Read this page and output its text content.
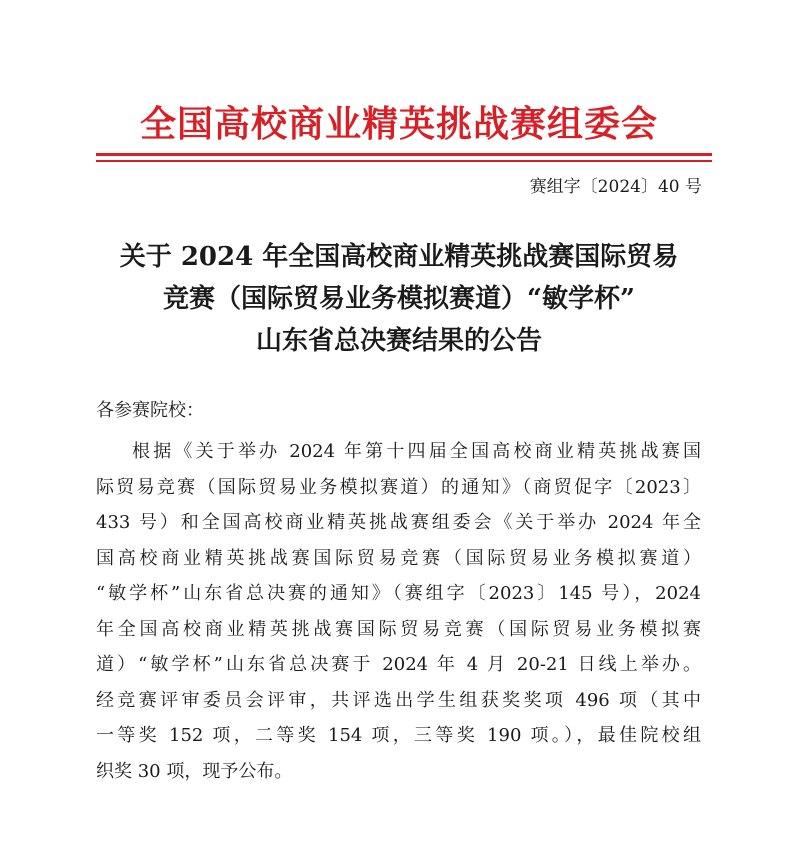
全国高校商业精英挑战赛组委会
赛组字〔2024〕40 号
关于 2024 年全国高校商业精英挑战赛国际贸易
竞赛（国际贸易业务模拟赛道）“敏学杯”
山东省总决赛结果的公告
各参赛院校：
根据《关于举办 2024 年第十四届全国高校商业精英挑战赛国
际贸易竞赛（国际贸易业务模拟赛道）的通知》（商贸促字〔2023〕
433 号）和全国高校商业精英挑战赛组委会《关于举办 2024 年全
国高校商业精英挑战赛国际贸易竞赛（国际贸易业务模拟赛道）
“敏学杯”山东省总决赛的通知》（赛组字〔2023〕145 号），2024
年全国高校商业精英挑战赛国际贸易竞赛（国际贸易业务模拟赛
道）“敏学杯”山东省总决赛于 2024 年 4 月 20-21 日线上举办。
经竞赛评审委员会评审，共评选出学生组获奖奖项 496 项（其中
一等奖 152 项，二等奖 154 项，三等奖 190 项。），最佳院校组
织奖 30 项，现予公布。
